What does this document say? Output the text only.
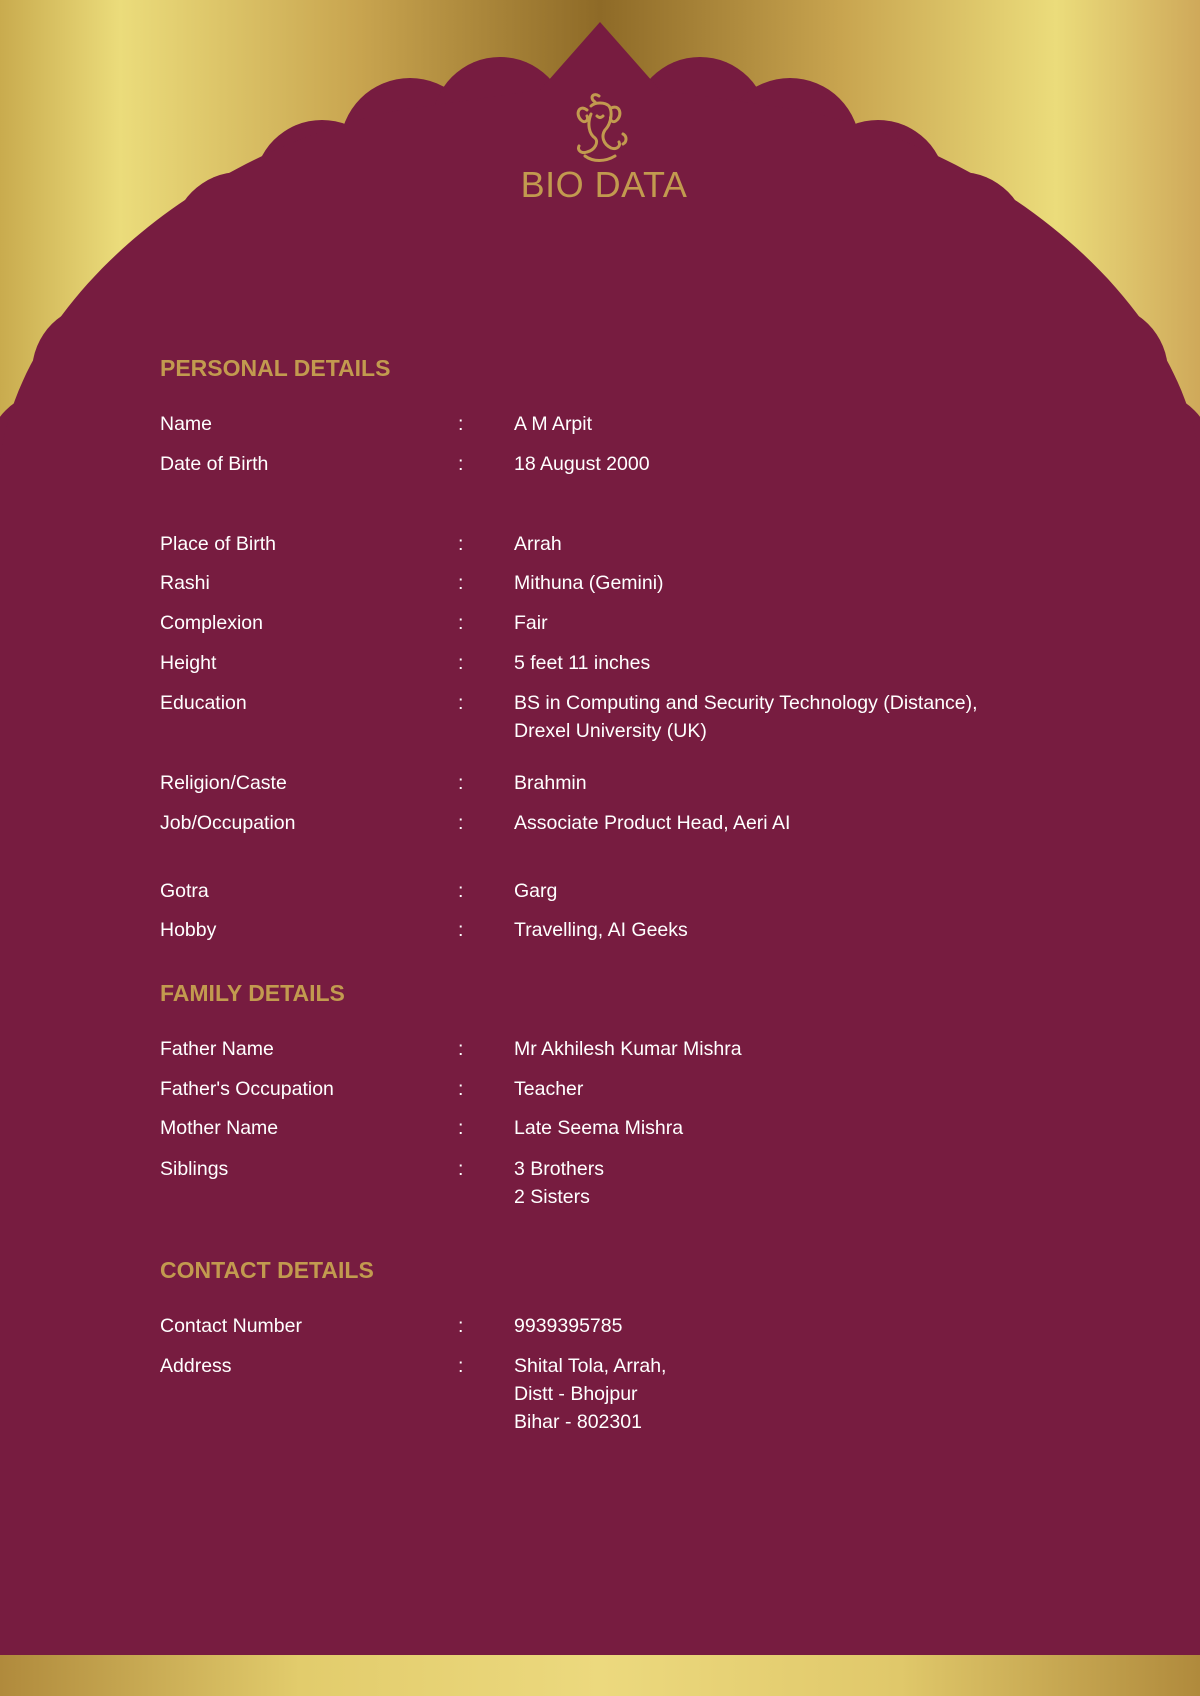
BIO DATA
PERSONAL DETAILS
Name	:	A M Arpit
Date of Birth	:	18 August 2000
Place of Birth	:	Arrah
Rashi	:	Mithuna (Gemini)
Complexion	:	Fair
Height	:	5 feet 11 inches
Education	:	BS in Computing and Security Technology (Distance),
Drexel University (UK)
Religion/Caste	:	Brahmin
Job/Occupation	:	Associate Product Head, Aeri AI
Gotra	:	Garg
Hobby	:	Travelling, AI Geeks
FAMILY DETAILS
Father Name	:	Mr Akhilesh Kumar Mishra
Father's Occupation	:	Teacher
Mother Name	:	Late Seema Mishra
Siblings	:	3 Brothers
2 Sisters
CONTACT DETAILS
Contact Number	:	9939395785
Address	:	Shital Tola, Arrah,
Distt - Bhojpur
Bihar - 802301
